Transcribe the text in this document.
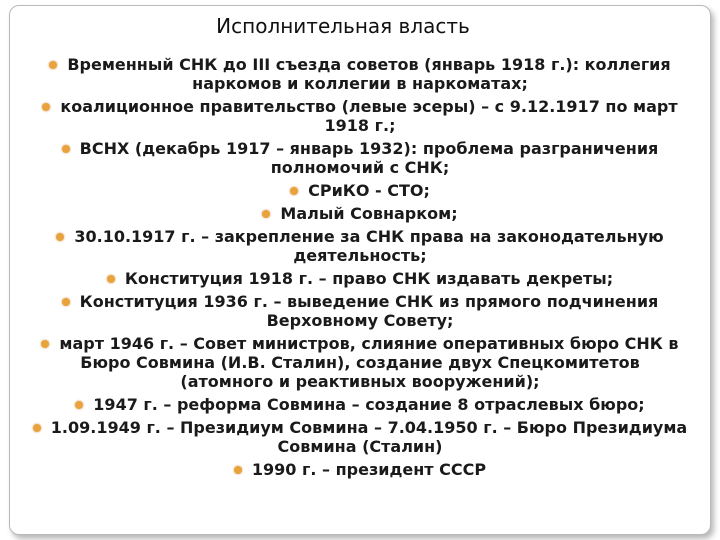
Исполнительная власть
Временный СНК до III съезда советов (январь 1918 г.): коллегия
наркомов и коллегии в наркоматах;
коалиционное правительство (левые эсеры) – с 9.12.1917 по март
1918 г.;
ВСНХ (декабрь 1917 – январь 1932): проблема разграничения
полномочий с СНК;
СРиКО - СТО;
Малый Совнарком;
30.10.1917 г. – закрепление за СНК права на законодательную
деятельность;
Конституция 1918 г. – право СНК издавать декреты;
Конституция 1936 г. – выведение СНК из прямого подчинения
Верховному Совету;
март 1946 г. – Совет министров, слияние оперативных бюро СНК в
Бюро Совмина (И.В. Сталин), создание двух Спецкомитетов
(атомного и реактивных вооружений);
1947 г. – реформа Совмина – создание 8 отраслевых бюро;
1.09.1949 г. – Президиум Совмина – 7.04.1950 г. – Бюро Президиума
Совмина (Сталин)
1990 г. – президент СССР
